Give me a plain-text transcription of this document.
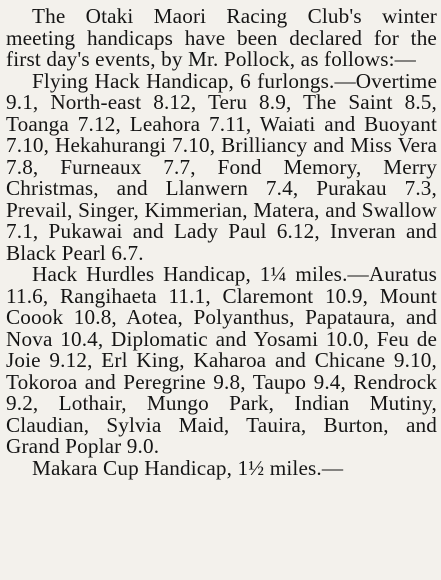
The Otaki Maori Racing Club's winter meeting handicaps have been declared for the first day's events, by Mr. Pollock, as follows:—

Flying Hack Handicap, 6 furlongs.—Overtime 9.1, North-east 8.12, Teru 8.9, The Saint 8.5, Toanga 7.12, Leahora 7.11, Waiati and Buoyant 7.10, Hekahurangi 7.10, Brilliancy and Miss Vera 7.8, Furneaux 7.7, Fond Memory, Merry Christmas, and Llanwern 7.4, Purakau 7.3, Prevail, Singer, Kimmerian, Matera, and Swallow 7.1, Pukawai and Lady Paul 6.12, Inveran and Black Pearl 6.7.

Hack Hurdles Handicap, 1¼ miles.—Auratus 11.6, Rangihaeta 11.1, Claremont 10.9, Mount Coook 10.8, Aotea, Polyanthus, Papataura, and Nova 10.4, Diplomatic and Yosami 10.0, Feu de Joie 9.12, Erl King, Kaharoa and Chicane 9.10, Tokoroa and Peregrine 9.8, Taupo 9.4, Rendrock 9.2, Lothair, Mungo Park, Indian Mutiny, Claudian, Sylvia Maid, Tauira, Burton, and Grand Poplar 9.0.

Makara Cup Handicap, 1½ miles.—
